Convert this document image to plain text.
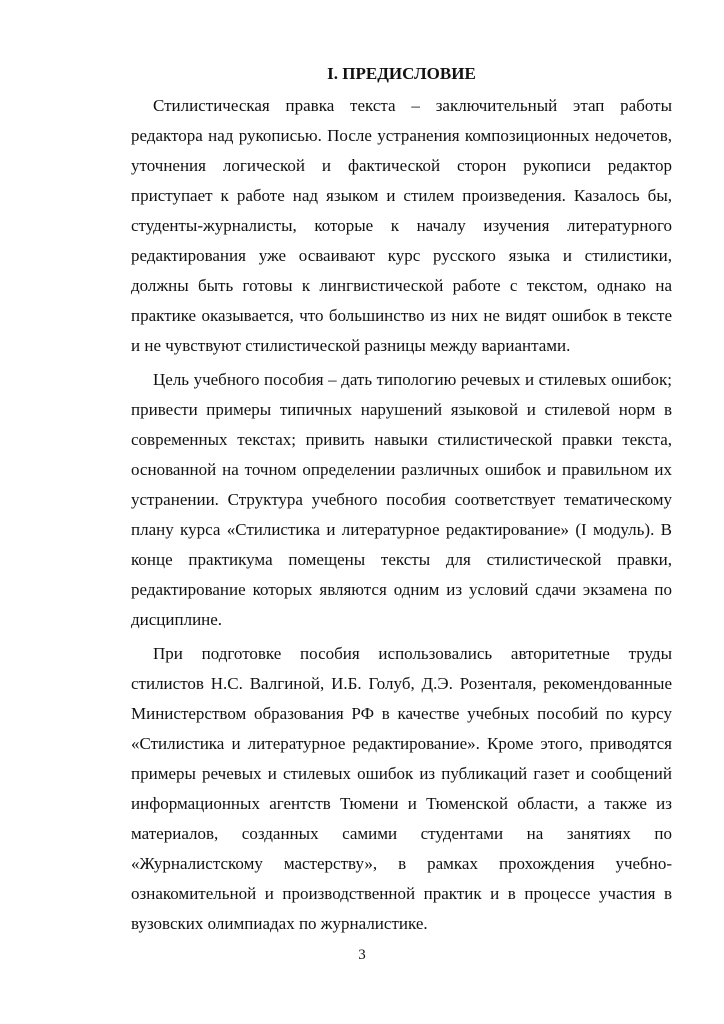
I. ПРЕДИСЛОВИЕ

Стилистическая правка текста – заключительный этап работы редактора над рукописью. После устранения композиционных недочетов, уточнения логической и фактической сторон рукописи редактор приступает к работе над языком и стилем произведения. Казалось бы, студенты-журналисты, которые к началу изучения литературного редактирования уже осваивают курс русского языка и стилистики, должны быть готовы к лингвистической работе с текстом, однако на практике оказывается, что большинство из них не видят ошибок в тексте и не чувствуют стилистической разницы между вариантами.

Цель учебного пособия – дать типологию речевых и стилевых ошибок; привести примеры типичных нарушений языковой и стилевой норм в современных текстах; привить навыки стилистической правки текста, основанной на точном определении различных ошибок и правильном их устранении. Структура учебного пособия соответствует тематическому плану курса «Стилистика и литературное редактирование» (I модуль). В конце практикума помещены тексты для стилистической правки, редактирование которых являются одним из условий сдачи экзамена по дисциплине.

При подготовке пособия использовались авторитетные труды стилистов Н.С. Валгиной, И.Б. Голуб, Д.Э. Розенталя, рекомендованные Министерством образования РФ в качестве учебных пособий по курсу «Стилистика и литературное редактирование». Кроме этого, приводятся примеры речевых и стилевых ошибок из публикаций газет и сообщений информационных агентств Тюмени и Тюменской области, а также из материалов, созданных самими студентами на занятиях по «Журналистскому мастерству», в рамках прохождения учебно-ознакомительной и производственной практик и в процессе участия в вузовских олимпиадах по журналистике.

3
